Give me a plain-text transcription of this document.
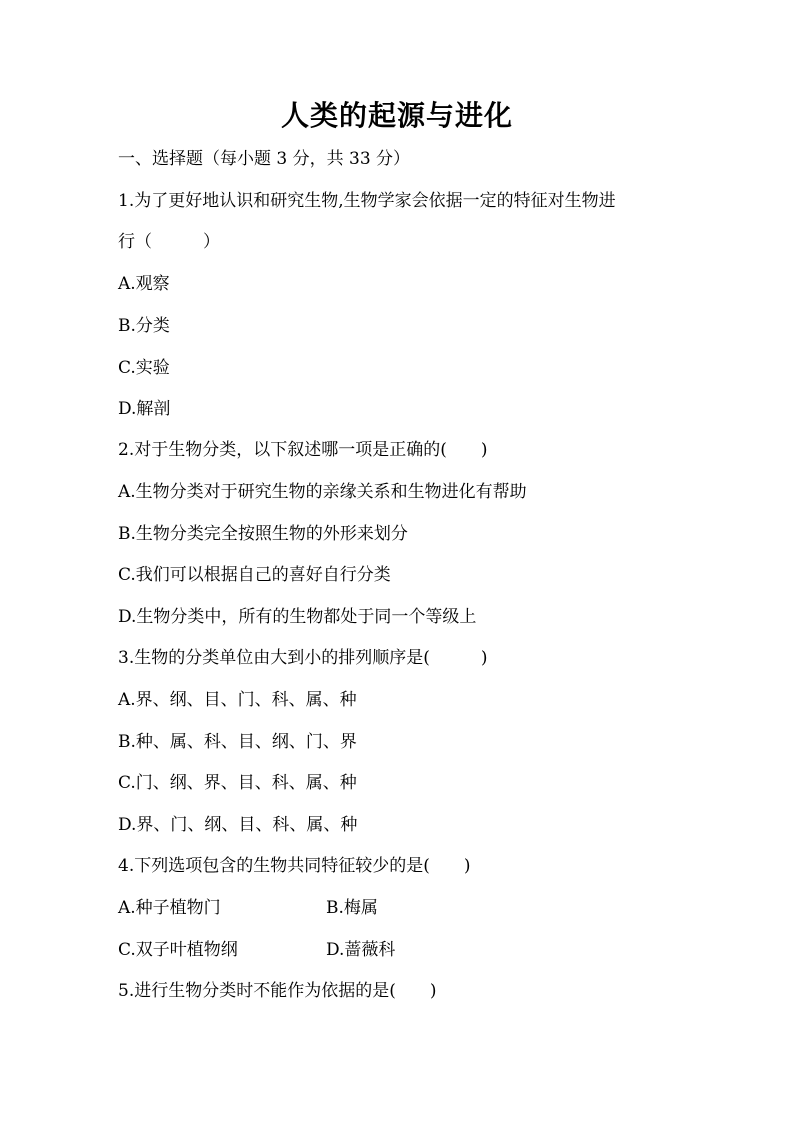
人类的起源与进化
一、选择题（每小题 3 分，共 33 分）
1.为了更好地认识和研究生物,生物学家会依据一定的特征对生物进
行（　　　）
A.观察
B.分类
C.实验
D.解剖
2.对于生物分类，以下叙述哪一项是正确的(　　)
A.生物分类对于研究生物的亲缘关系和生物进化有帮助
B.生物分类完全按照生物的外形来划分
C.我们可以根据自己的喜好自行分类
D.生物分类中，所有的生物都处于同一个等级上
3.生物的分类单位由大到小的排列顺序是(　　　)
A.界、纲、目、门、科、属、种
B.种、属、科、目、纲、门、界
C.门、纲、界、目、科、属、种
D.界、门、纲、目、科、属、种
4.下列选项包含的生物共同特征较少的是(　　)
A.种子植物门	B.梅属
C.双子叶植物纲	D.蔷薇科
5.进行生物分类时不能作为依据的是(　　)
